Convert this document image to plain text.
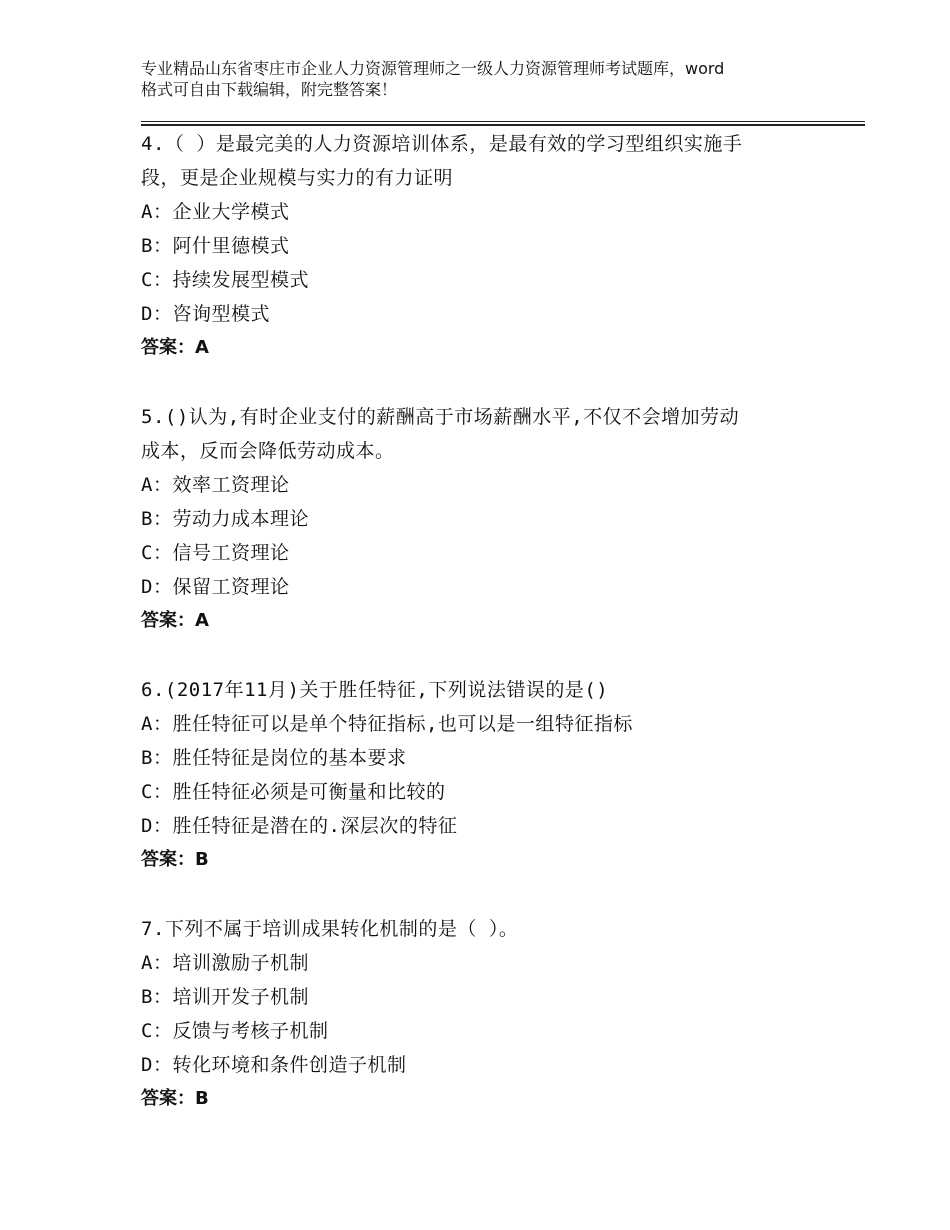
专业精品山东省枣庄市企业人力资源管理师之一级人力资源管理师考试题库，word
格式可自由下载编辑，附完整答案！
4.（ ）是最完美的人力资源培训体系，是最有效的学习型组织实施手
段，更是企业规模与实力的有力证明
A：企业大学模式
B：阿什里德模式
C：持续发展型模式
D：咨询型模式
答案：A
5.()认为,有时企业支付的薪酬高于市场薪酬水平,不仅不会增加劳动
成本，反而会降低劳动成本。
A：效率工资理论
B：劳动力成本理论
C：信号工资理论
D：保留工资理论
答案：A
6.(2017年11月)关于胜任特征,下列说法错误的是()
A：胜任特征可以是单个特征指标,也可以是一组特征指标
B：胜任特征是岗位的基本要求
C：胜任特征必须是可衡量和比较的
D：胜任特征是潜在的.深层次的特征
答案：B
7.下列不属于培训成果转化机制的是（ ）。
A：培训激励子机制
B：培训开发子机制
C：反馈与考核子机制
D：转化环境和条件创造子机制
答案：B
